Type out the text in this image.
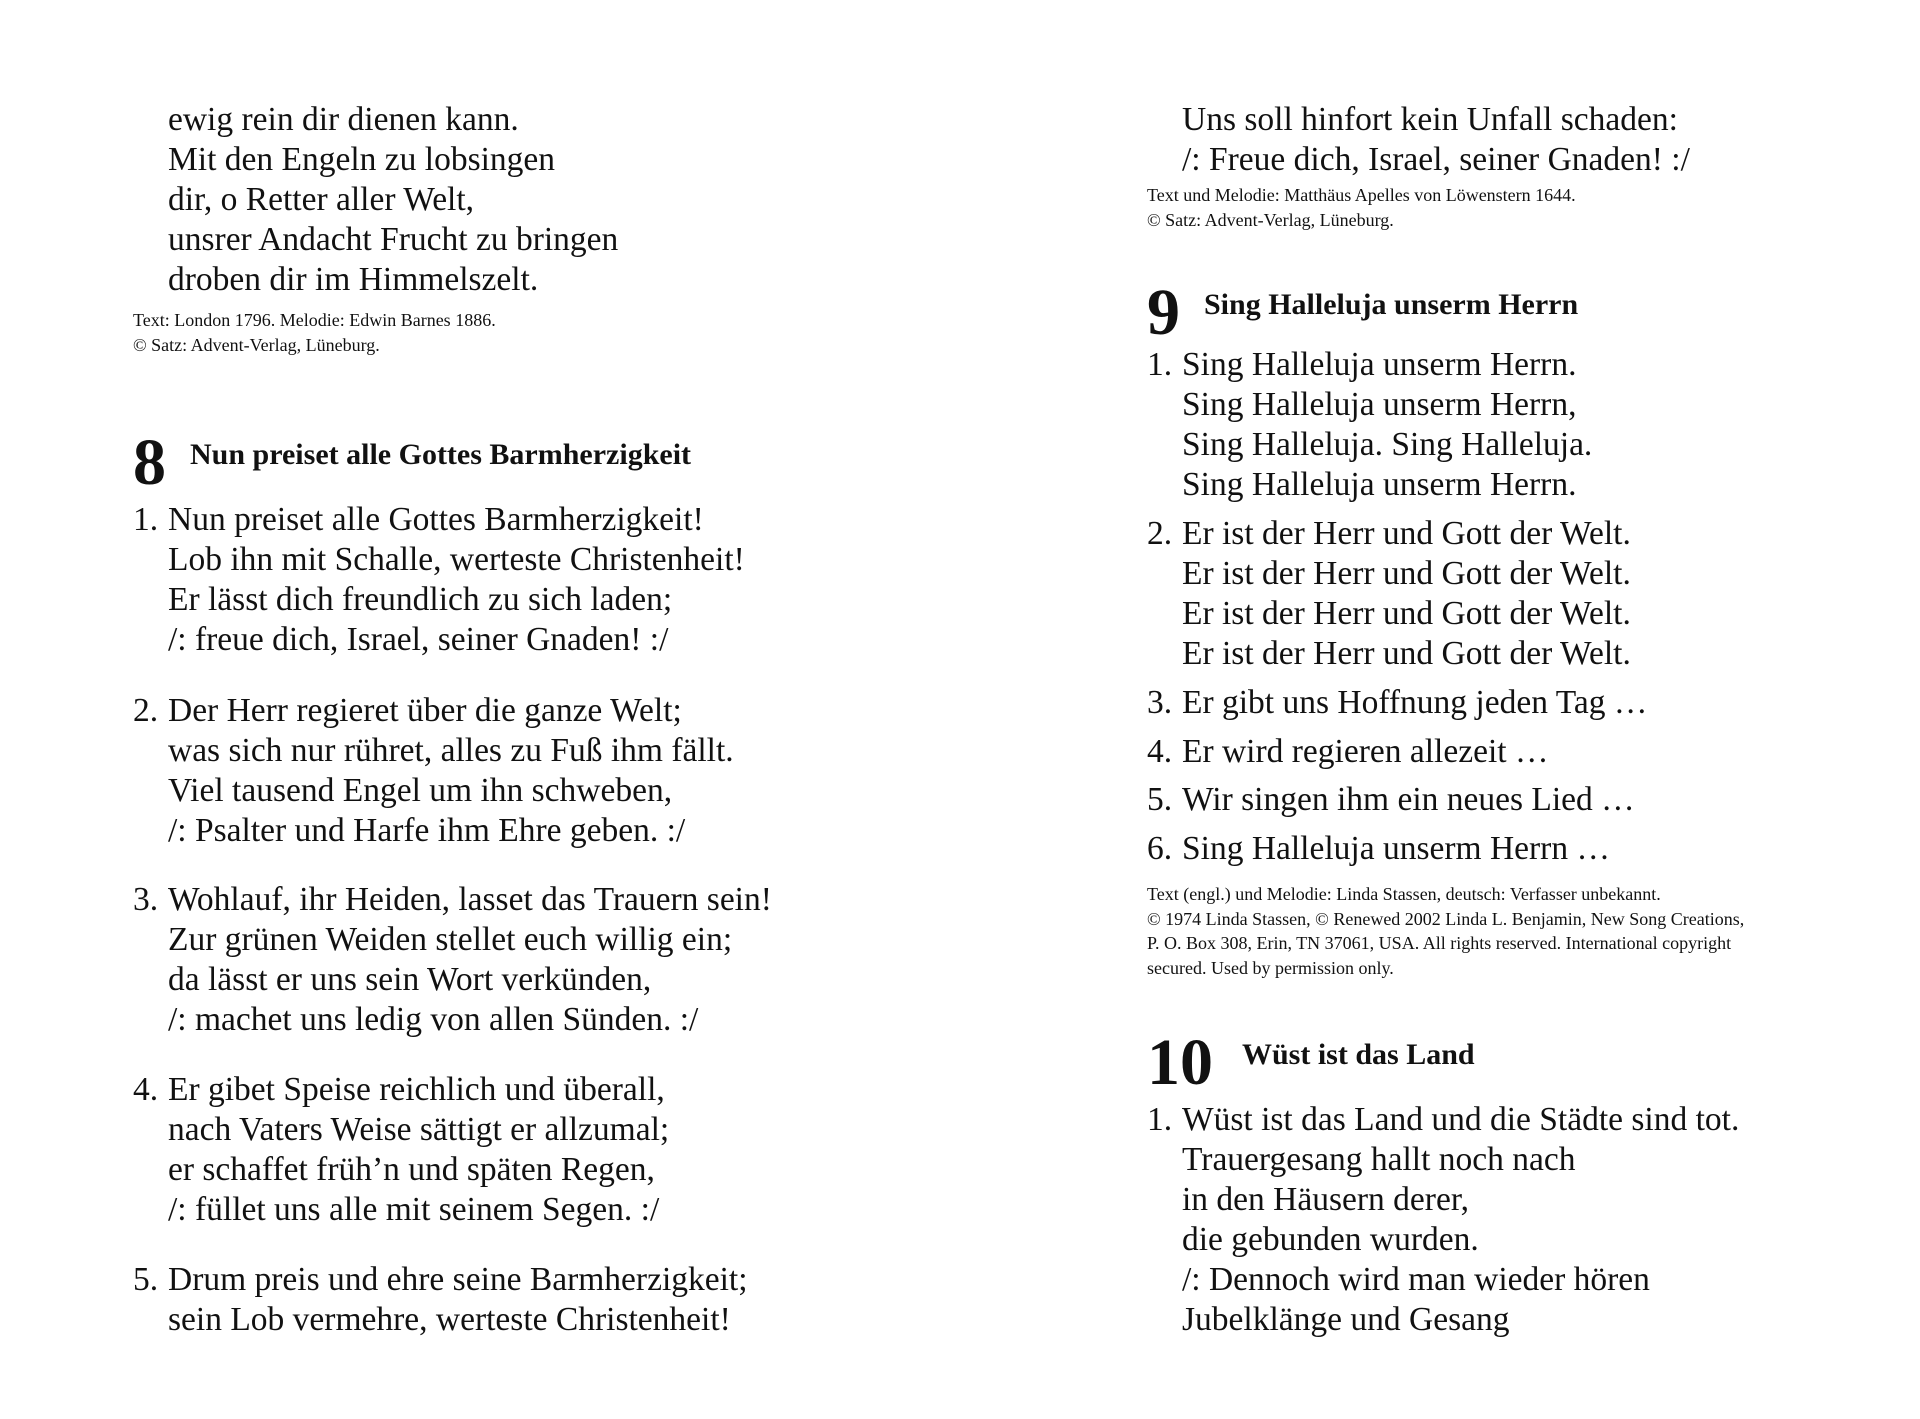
ewig rein dir dienen kann.
Mit den Engeln zu lobsingen
dir, o Retter aller Welt,
unsrer Andacht Frucht zu bringen
droben dir im Himmelszelt.
Text: London 1796. Melodie: Edwin Barnes 1886.
© Satz: Advent-Verlag, Lüneburg.
8 Nun preiset alle Gottes Barmherzigkeit
1. Nun preiset alle Gottes Barmherzigkeit!
Lob ihn mit Schalle, werteste Christenheit!
Er lässt dich freundlich zu sich laden;
/: freue dich, Israel, seiner Gnaden! :/
2. Der Herr regieret über die ganze Welt;
was sich nur rühret, alles zu Fuß ihm fällt.
Viel tausend Engel um ihn schweben,
/: Psalter und Harfe ihm Ehre geben. :/
3. Wohlauf, ihr Heiden, lasset das Trauern sein!
Zur grünen Weiden stellet euch willig ein;
da lässt er uns sein Wort verkünden,
/: machet uns ledig von allen Sünden. :/
4. Er gibet Speise reichlich und überall,
nach Vaters Weise sättigt er allzumal;
er schaffet früh’n und späten Regen,
/: füllet uns alle mit seinem Segen. :/
5. Drum preis und ehre seine Barmherzigkeit;
sein Lob vermehre, werteste Christenheit!
Uns soll hinfort kein Unfall schaden:
/: Freue dich, Israel, seiner Gnaden! :/
Text und Melodie: Matthäus Apelles von Löwenstern 1644.
© Satz: Advent-Verlag, Lüneburg.
9 Sing Halleluja unserm Herrn
1. Sing Halleluja unserm Herrn.
Sing Halleluja unserm Herrn,
Sing Halleluja. Sing Halleluja.
Sing Halleluja unserm Herrn.
2. Er ist der Herr und Gott der Welt.
Er ist der Herr und Gott der Welt.
Er ist der Herr und Gott der Welt.
Er ist der Herr und Gott der Welt.
3. Er gibt uns Hoffnung jeden Tag …
4. Er wird regieren allezeit …
5. Wir singen ihm ein neues Lied …
6. Sing Halleluja unserm Herrn …
Text (engl.) und Melodie: Linda Stassen, deutsch: Verfasser unbekannt.
© 1974 Linda Stassen, © Renewed 2002 Linda L. Benjamin, New Song Creations,
P. O. Box 308, Erin, TN 37061, USA. All rights reserved. International copyright
secured. Used by permission only.
10 Wüst ist das Land
1. Wüst ist das Land und die Städte sind tot.
Trauergesang hallt noch nach
in den Häusern derer,
die gebunden wurden.
/: Dennoch wird man wieder hören
Jubelklänge und Gesang
